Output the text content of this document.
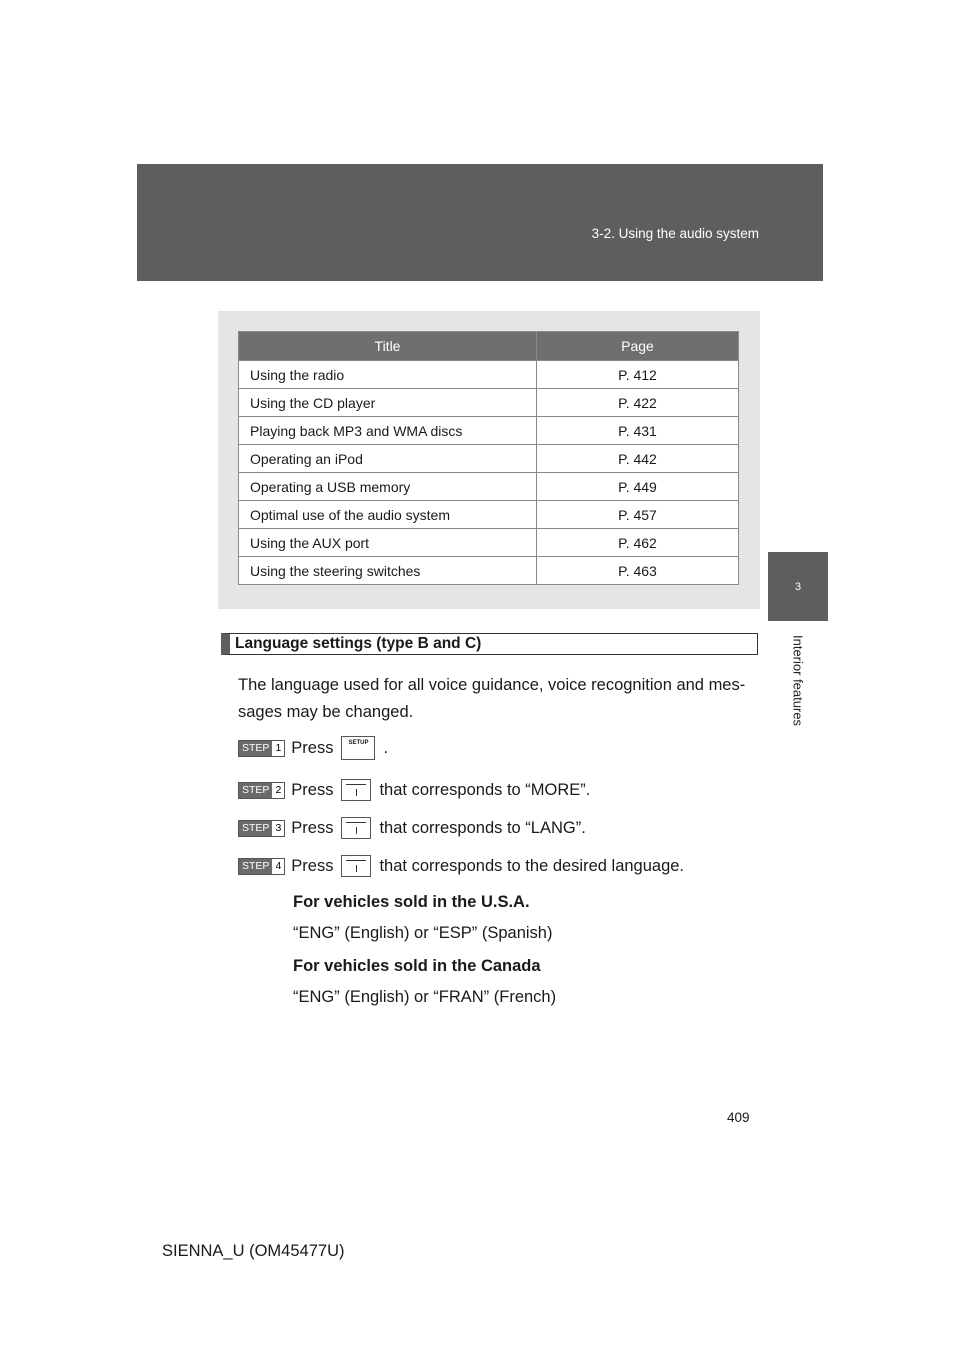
3-2. Using the audio system
3
Interior features
Title	Page
Using the radio	P. 412
Using the CD player	P. 422
Playing back MP3 and WMA discs	P. 431
Operating an iPod	P. 442
Operating a USB memory	P. 449
Optimal use of the audio system	P. 457
Using the AUX port	P. 462
Using the steering switches	P. 463
Language settings (type B and C)
The language used for all voice guidance, voice recognition and mes-sages may be changed.
STEP 1 Press SETUP .
STEP 2 Press	that corresponds to “MORE”.
STEP 3 Press	that corresponds to “LANG”.
STEP 4 Press	that corresponds to the desired language.
For vehicles sold in the U.S.A.
“ENG” (English) or “ESP” (Spanish)
For vehicles sold in the Canada
“ENG” (English) or “FRAN” (French)
409
SIENNA_U (OM45477U)
